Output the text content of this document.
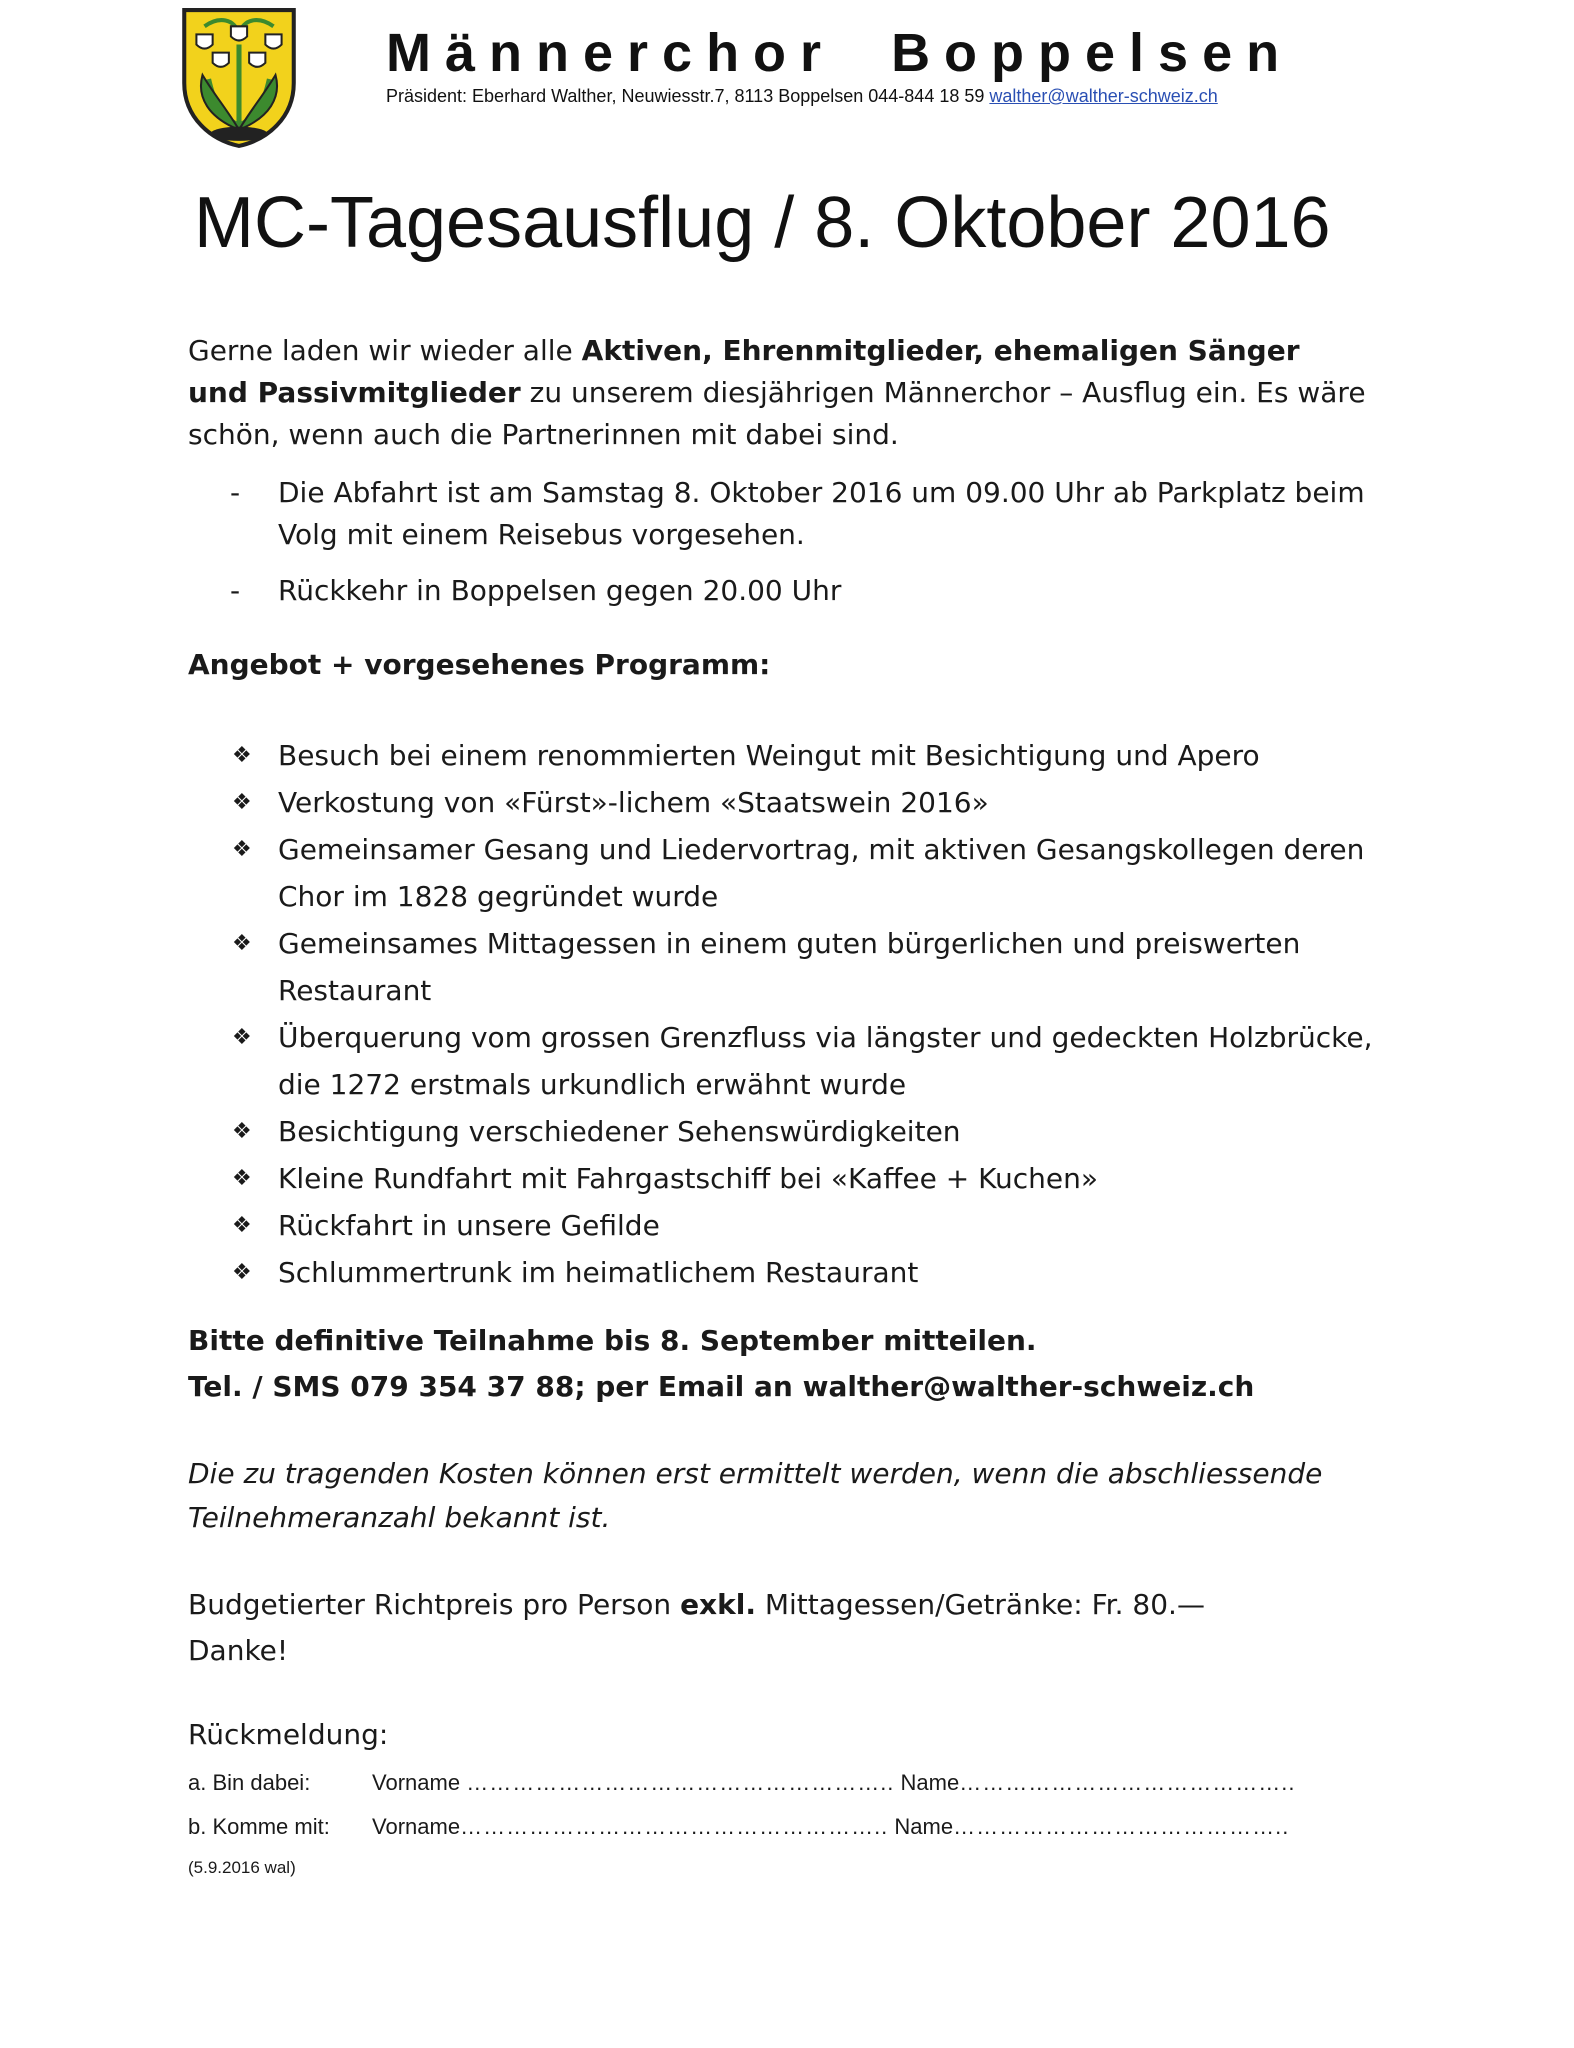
Männerchor Boppelsen
Präsident: Eberhard Walther, Neuwiesstr.7, 8113 Boppelsen 044-844 18 59 walther@walther-schweiz.ch
MC-Tagesausflug / 8. Oktober 2016
Gerne laden wir wieder alle Aktiven, Ehrenmitglieder, ehemaligen Sänger und Passivmitglieder zu unserem diesjährigen Männerchor – Ausflug ein. Es wäre schön, wenn auch die Partnerinnen mit dabei sind.
- Die Abfahrt ist am Samstag 8. Oktober 2016 um 09.00 Uhr ab Parkplatz beim Volg mit einem Reisebus vorgesehen.
- Rückkehr in Boppelsen gegen 20.00 Uhr
Angebot + vorgesehenes Programm:
❖ Besuch bei einem renommierten Weingut mit Besichtigung und Apero
❖ Verkostung von «Fürst»-lichem «Staatswein 2016»
❖ Gemeinsamer Gesang und Liedervortrag, mit aktiven Gesangskollegen deren Chor im 1828 gegründet wurde
❖ Gemeinsames Mittagessen in einem guten bürgerlichen und preiswerten Restaurant
❖ Überquerung vom grossen Grenzfluss via längster und gedeckten Holzbrücke, die 1272 erstmals urkundlich erwähnt wurde
❖ Besichtigung verschiedener Sehenswürdigkeiten
❖ Kleine Rundfahrt mit Fahrgastschiff bei «Kaffee + Kuchen»
❖ Rückfahrt in unsere Gefilde
❖ Schlummertrunk im heimatlichem Restaurant
Bitte definitive Teilnahme bis 8. September mitteilen.
Tel. / SMS 079 354 37 88; per Email an walther@walther-schweiz.ch
Die zu tragenden Kosten können erst ermittelt werden, wenn die abschliessende Teilnehmeranzahl bekannt ist.
Budgetierter Richtpreis pro Person exkl. Mittagessen/Getränke: Fr. 80.—
Danke!
Rückmeldung:
a. Bin dabei:	Vorname ……………………………………………….. Name……………………………………..
b. Komme mit: Vorname……………………………………………….. Name……………………………………..
(5.9.2016 wal)
